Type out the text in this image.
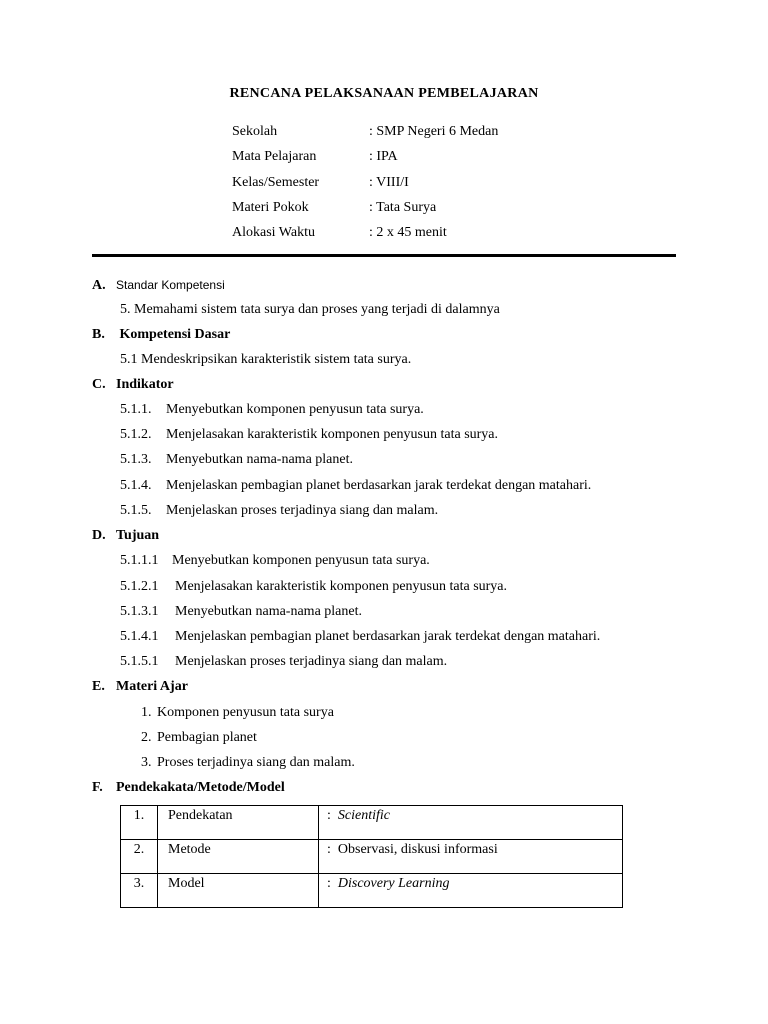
RENCANA PELAKSANAAN PEMBELAJARAN
Sekolah	: SMP Negeri 6 Medan
Mata Pelajaran	: IPA
Kelas/Semester	: VIII/I
Materi Pokok	: Tata Surya
Alokasi Waktu	: 2 x 45 menit
A. Standar Kompetensi
5. Memahami sistem tata surya dan proses yang terjadi di dalamnya
B. Kompetensi Dasar
5.1 Mendeskripsikan karakteristik sistem tata surya.
C. Indikator
5.1.1. Menyebutkan komponen penyusun tata surya.
5.1.2. Menjelasakan karakteristik komponen penyusun tata surya.
5.1.3. Menyebutkan nama-nama planet.
5.1.4. Menjelaskan pembagian planet berdasarkan jarak terdekat dengan matahari.
5.1.5. Menjelaskan proses terjadinya siang dan malam.
D. Tujuan
5.1.1.1 Menyebutkan komponen penyusun tata surya.
5.1.2.1 Menjelasakan karakteristik komponen penyusun tata surya.
5.1.3.1 Menyebutkan nama-nama planet.
5.1.4.1 Menjelaskan pembagian planet berdasarkan jarak terdekat dengan matahari.
5.1.5.1 Menjelaskan proses terjadinya siang dan malam.
E. Materi Ajar
1. Komponen penyusun tata surya
2. Pembagian planet
3. Proses terjadinya siang dan malam.
F. Pendekakata/Metode/Model
1.	Pendekatan	: Scientific
2.	Metode	: Observasi, diskusi informasi
3.	Model	: Discovery Learning
